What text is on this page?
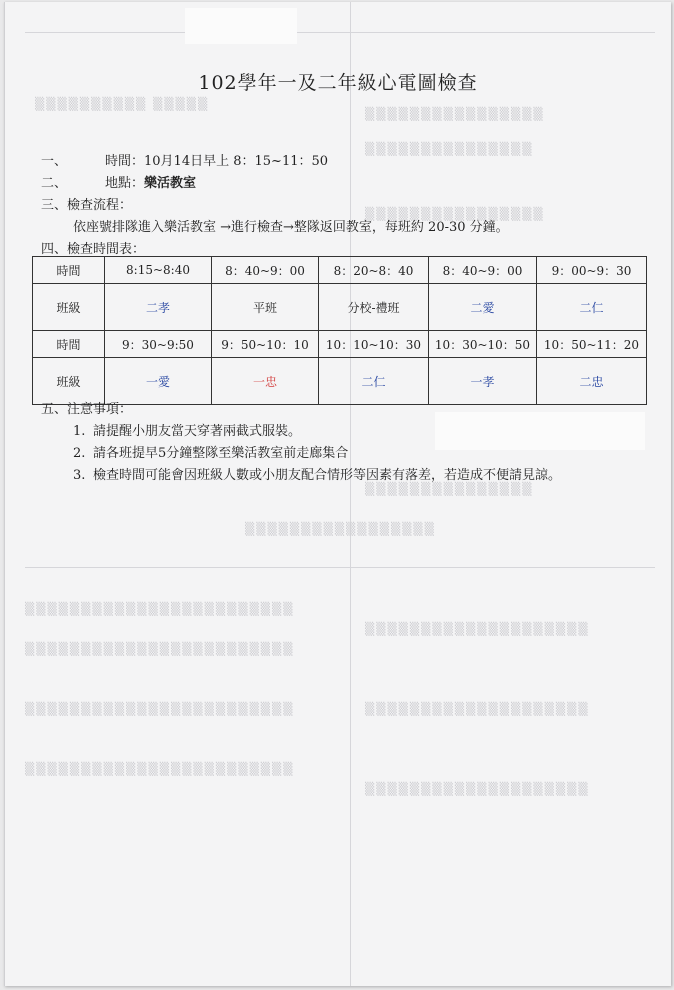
▒▒▒▒▒▒▒▒▒▒ ▒▒▒▒▒
▒▒▒▒▒▒▒▒▒▒▒▒▒▒▒▒
▒▒▒▒▒▒▒▒▒▒▒▒▒▒▒
▒▒▒▒▒▒▒▒▒▒▒▒▒▒▒▒
▒▒▒▒▒▒▒▒▒▒▒▒▒▒▒
▒▒▒▒▒▒▒▒▒▒▒▒▒▒▒▒▒
▒▒▒▒▒▒▒▒▒▒▒▒▒▒▒▒▒▒▒▒▒▒▒▒
▒▒▒▒▒▒▒▒▒▒▒▒▒▒▒▒▒▒▒▒▒▒▒▒
▒▒▒▒▒▒▒▒▒▒▒▒▒▒▒▒▒▒▒▒▒▒▒▒
▒▒▒▒▒▒▒▒▒▒▒▒▒▒▒▒▒▒▒▒▒▒▒▒
▒▒▒▒▒▒▒▒▒▒▒▒▒▒▒▒▒▒▒▒
▒▒▒▒▒▒▒▒▒▒▒▒▒▒▒▒▒▒▒▒
▒▒▒▒▒▒▒▒▒▒▒▒▒▒▒▒▒▒▒▒
102學年一及二年級心電圖檢查
一、	時間：10月14日早上 8：15~11：50
二、	地點：樂活教室
三、檢查流程：
依座號排隊進入樂活教室 →進行檢查→整隊返回教室，每班約 20-30 分鐘。
四、檢查時間表：
時間	8:15~8:40	8：40~9：00	8：20~8：40	8：40~9：00	9：00~9：30
班級	二孝	平班	分校-禮班	二愛	二仁
時間	9：30~9:50	9：50~10：10	10：10~10：30	10：30~10：50	10：50~11：20
班級	一愛	一忠	二仁	一孝	二忠
五、注意事項：
1. 請提醒小朋友當天穿著兩截式服裝。
2. 請各班提早5分鐘整隊至樂活教室前走廊集合
3. 檢查時間可能會因班級人數或小朋友配合情形等因素有落差，若造成不便請見諒。
